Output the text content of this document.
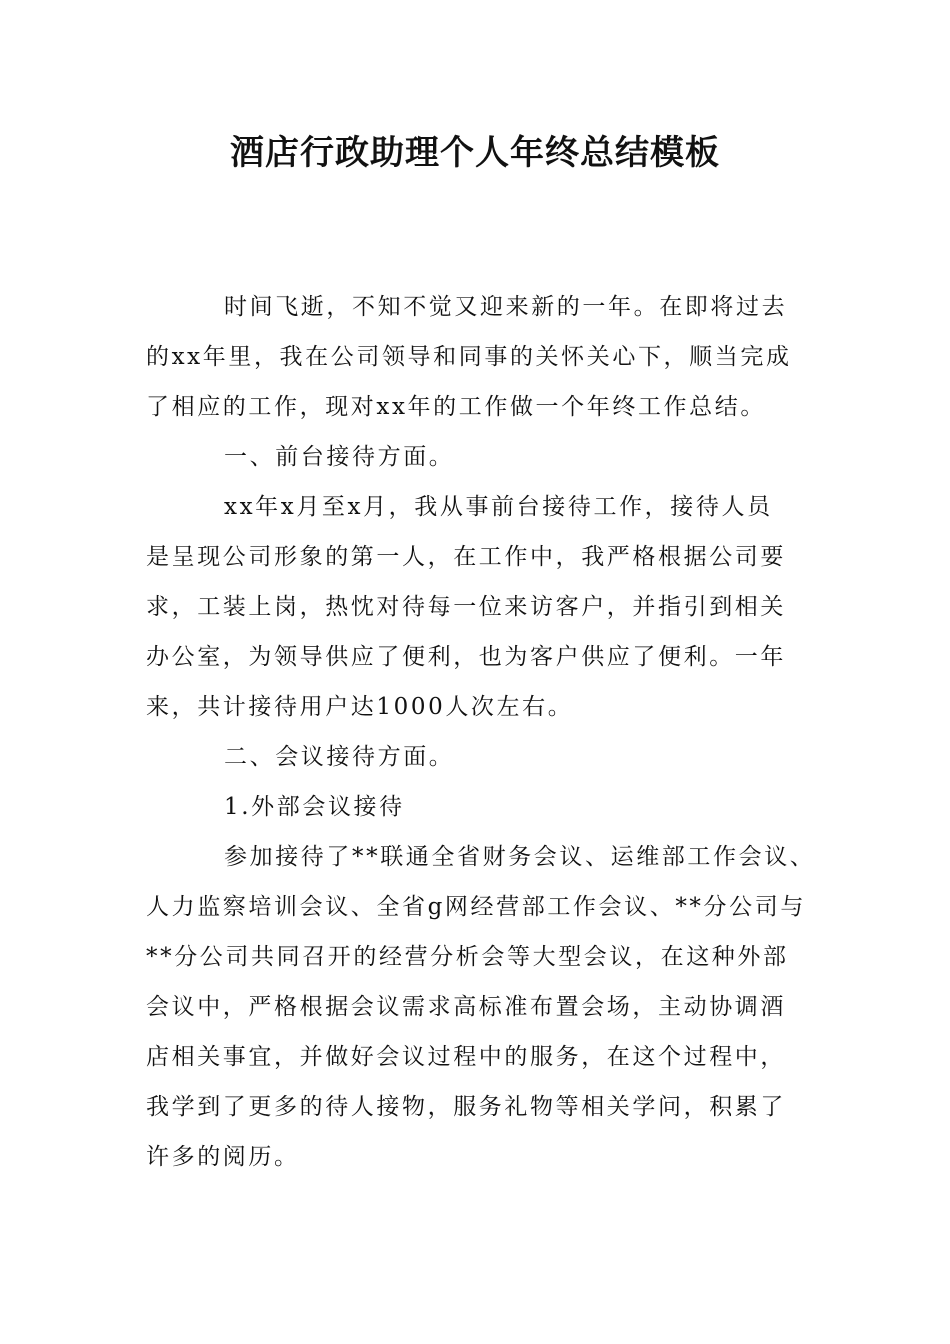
酒店行政助理个人年终总结模板
时间飞逝，不知不觉又迎来新的一年。在即将过去
的xx年里，我在公司领导和同事的关怀关心下，顺当完成
了相应的工作，现对xx年的工作做一个年终工作总结。
一、前台接待方面。
xx年x月至x月，我从事前台接待工作，接待人员
是呈现公司形象的第一人，在工作中，我严格根据公司要
求，工装上岗，热忱对待每一位来访客户，并指引到相关
办公室，为领导供应了便利，也为客户供应了便利。一年
来，共计接待用户达1000人次左右。
二、会议接待方面。
1.外部会议接待
参加接待了**联通全省财务会议、运维部工作会议、
人力监察培训会议、全省g网经营部工作会议、**分公司与
**分公司共同召开的经营分析会等大型会议，在这种外部
会议中，严格根据会议需求高标准布置会场，主动协调酒
店相关事宜，并做好会议过程中的服务，在这个过程中，
我学到了更多的待人接物，服务礼物等相关学问，积累了
许多的阅历。
